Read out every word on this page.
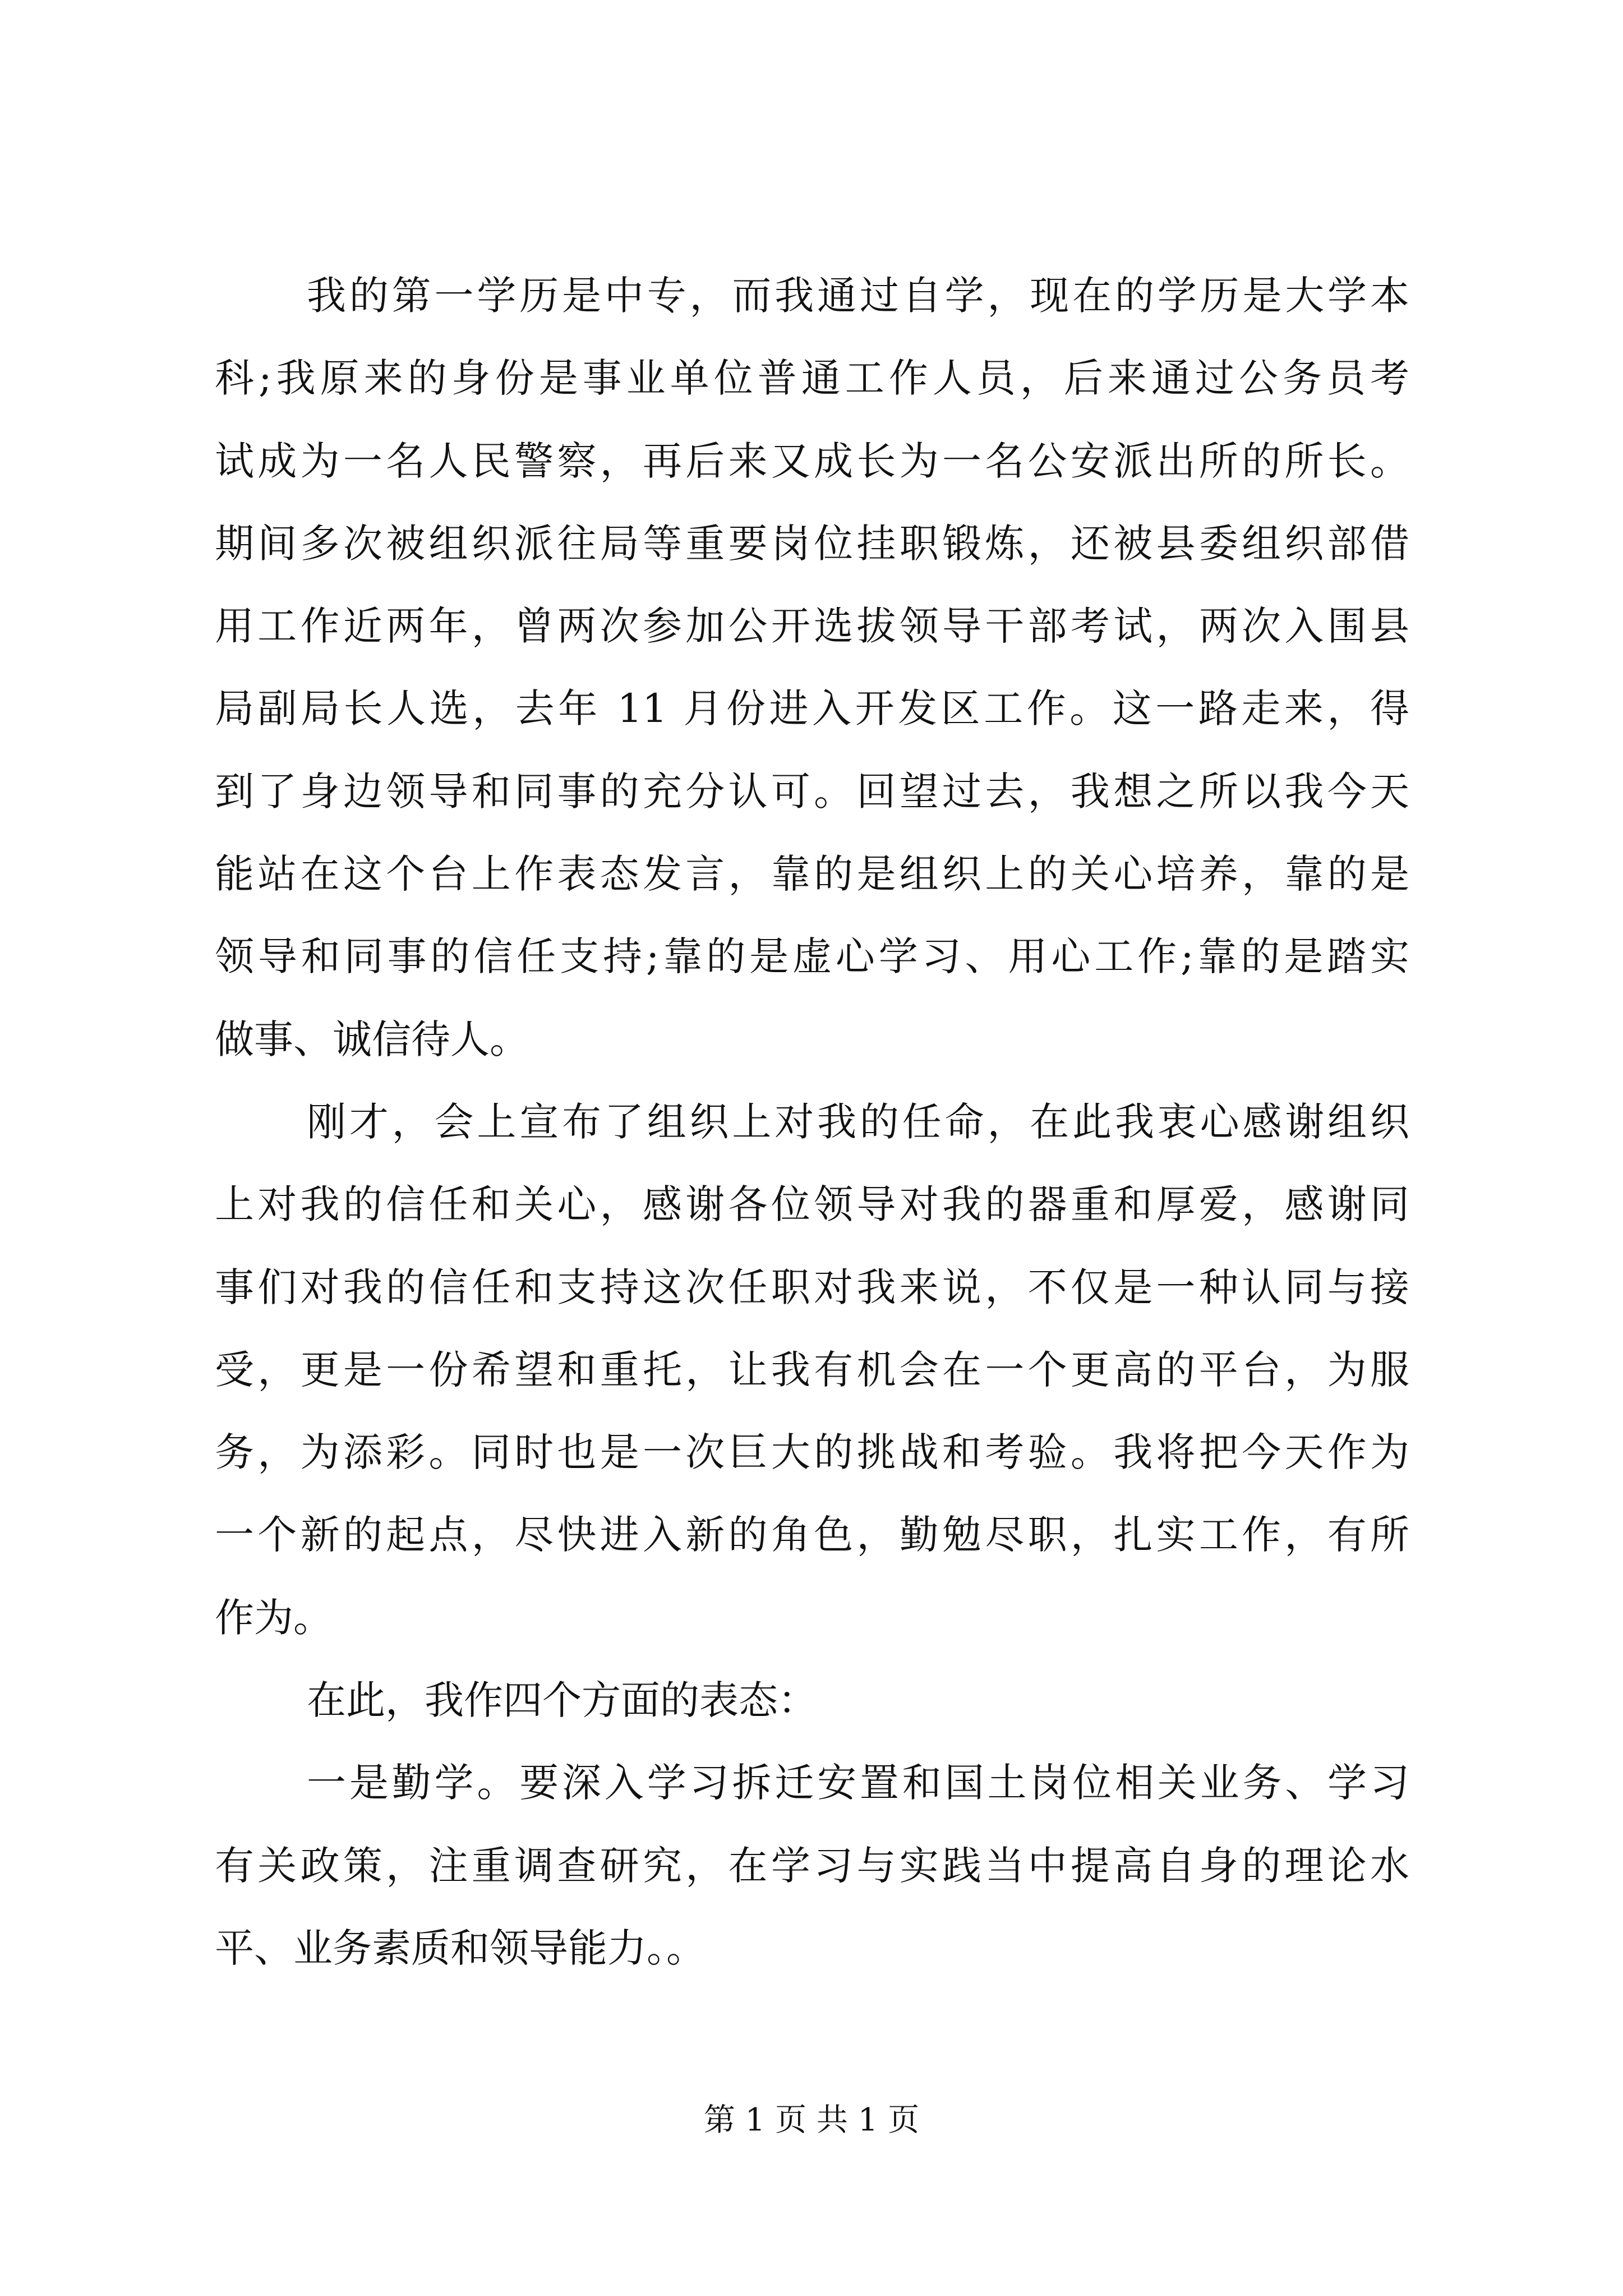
我的第一学历是中专，而我通过自学，现在的学历是大学本
科;我原来的身份是事业单位普通工作人员，后来通过公务员考
试成为一名人民警察，再后来又成长为一名公安派出所的所长。
期间多次被组织派往局等重要岗位挂职锻炼，还被县委组织部借
用工作近两年，曾两次参加公开选拔领导干部考试，两次入围县
局副局长人选，去年 11 月份进入开发区工作。这一路走来，得
到了身边领导和同事的充分认可。回望过去，我想之所以我今天
能站在这个台上作表态发言，靠的是组织上的关心培养，靠的是
领导和同事的信任支持;靠的是虚心学习、用心工作;靠的是踏实
做事、诚信待人。
刚才，会上宣布了组织上对我的任命，在此我衷心感谢组织
上对我的信任和关心，感谢各位领导对我的器重和厚爱，感谢同
事们对我的信任和支持这次任职对我来说，不仅是一种认同与接
受，更是一份希望和重托，让我有机会在一个更高的平台，为服
务，为添彩。同时也是一次巨大的挑战和考验。我将把今天作为
一个新的起点，尽快进入新的角色，勤勉尽职，扎实工作，有所
作为。
在此，我作四个方面的表态：
一是勤学。要深入学习拆迁安置和国土岗位相关业务、学习
有关政策，注重调查研究，在学习与实践当中提高自身的理论水
平、业务素质和领导能力。。
第 1 页 共 1 页
